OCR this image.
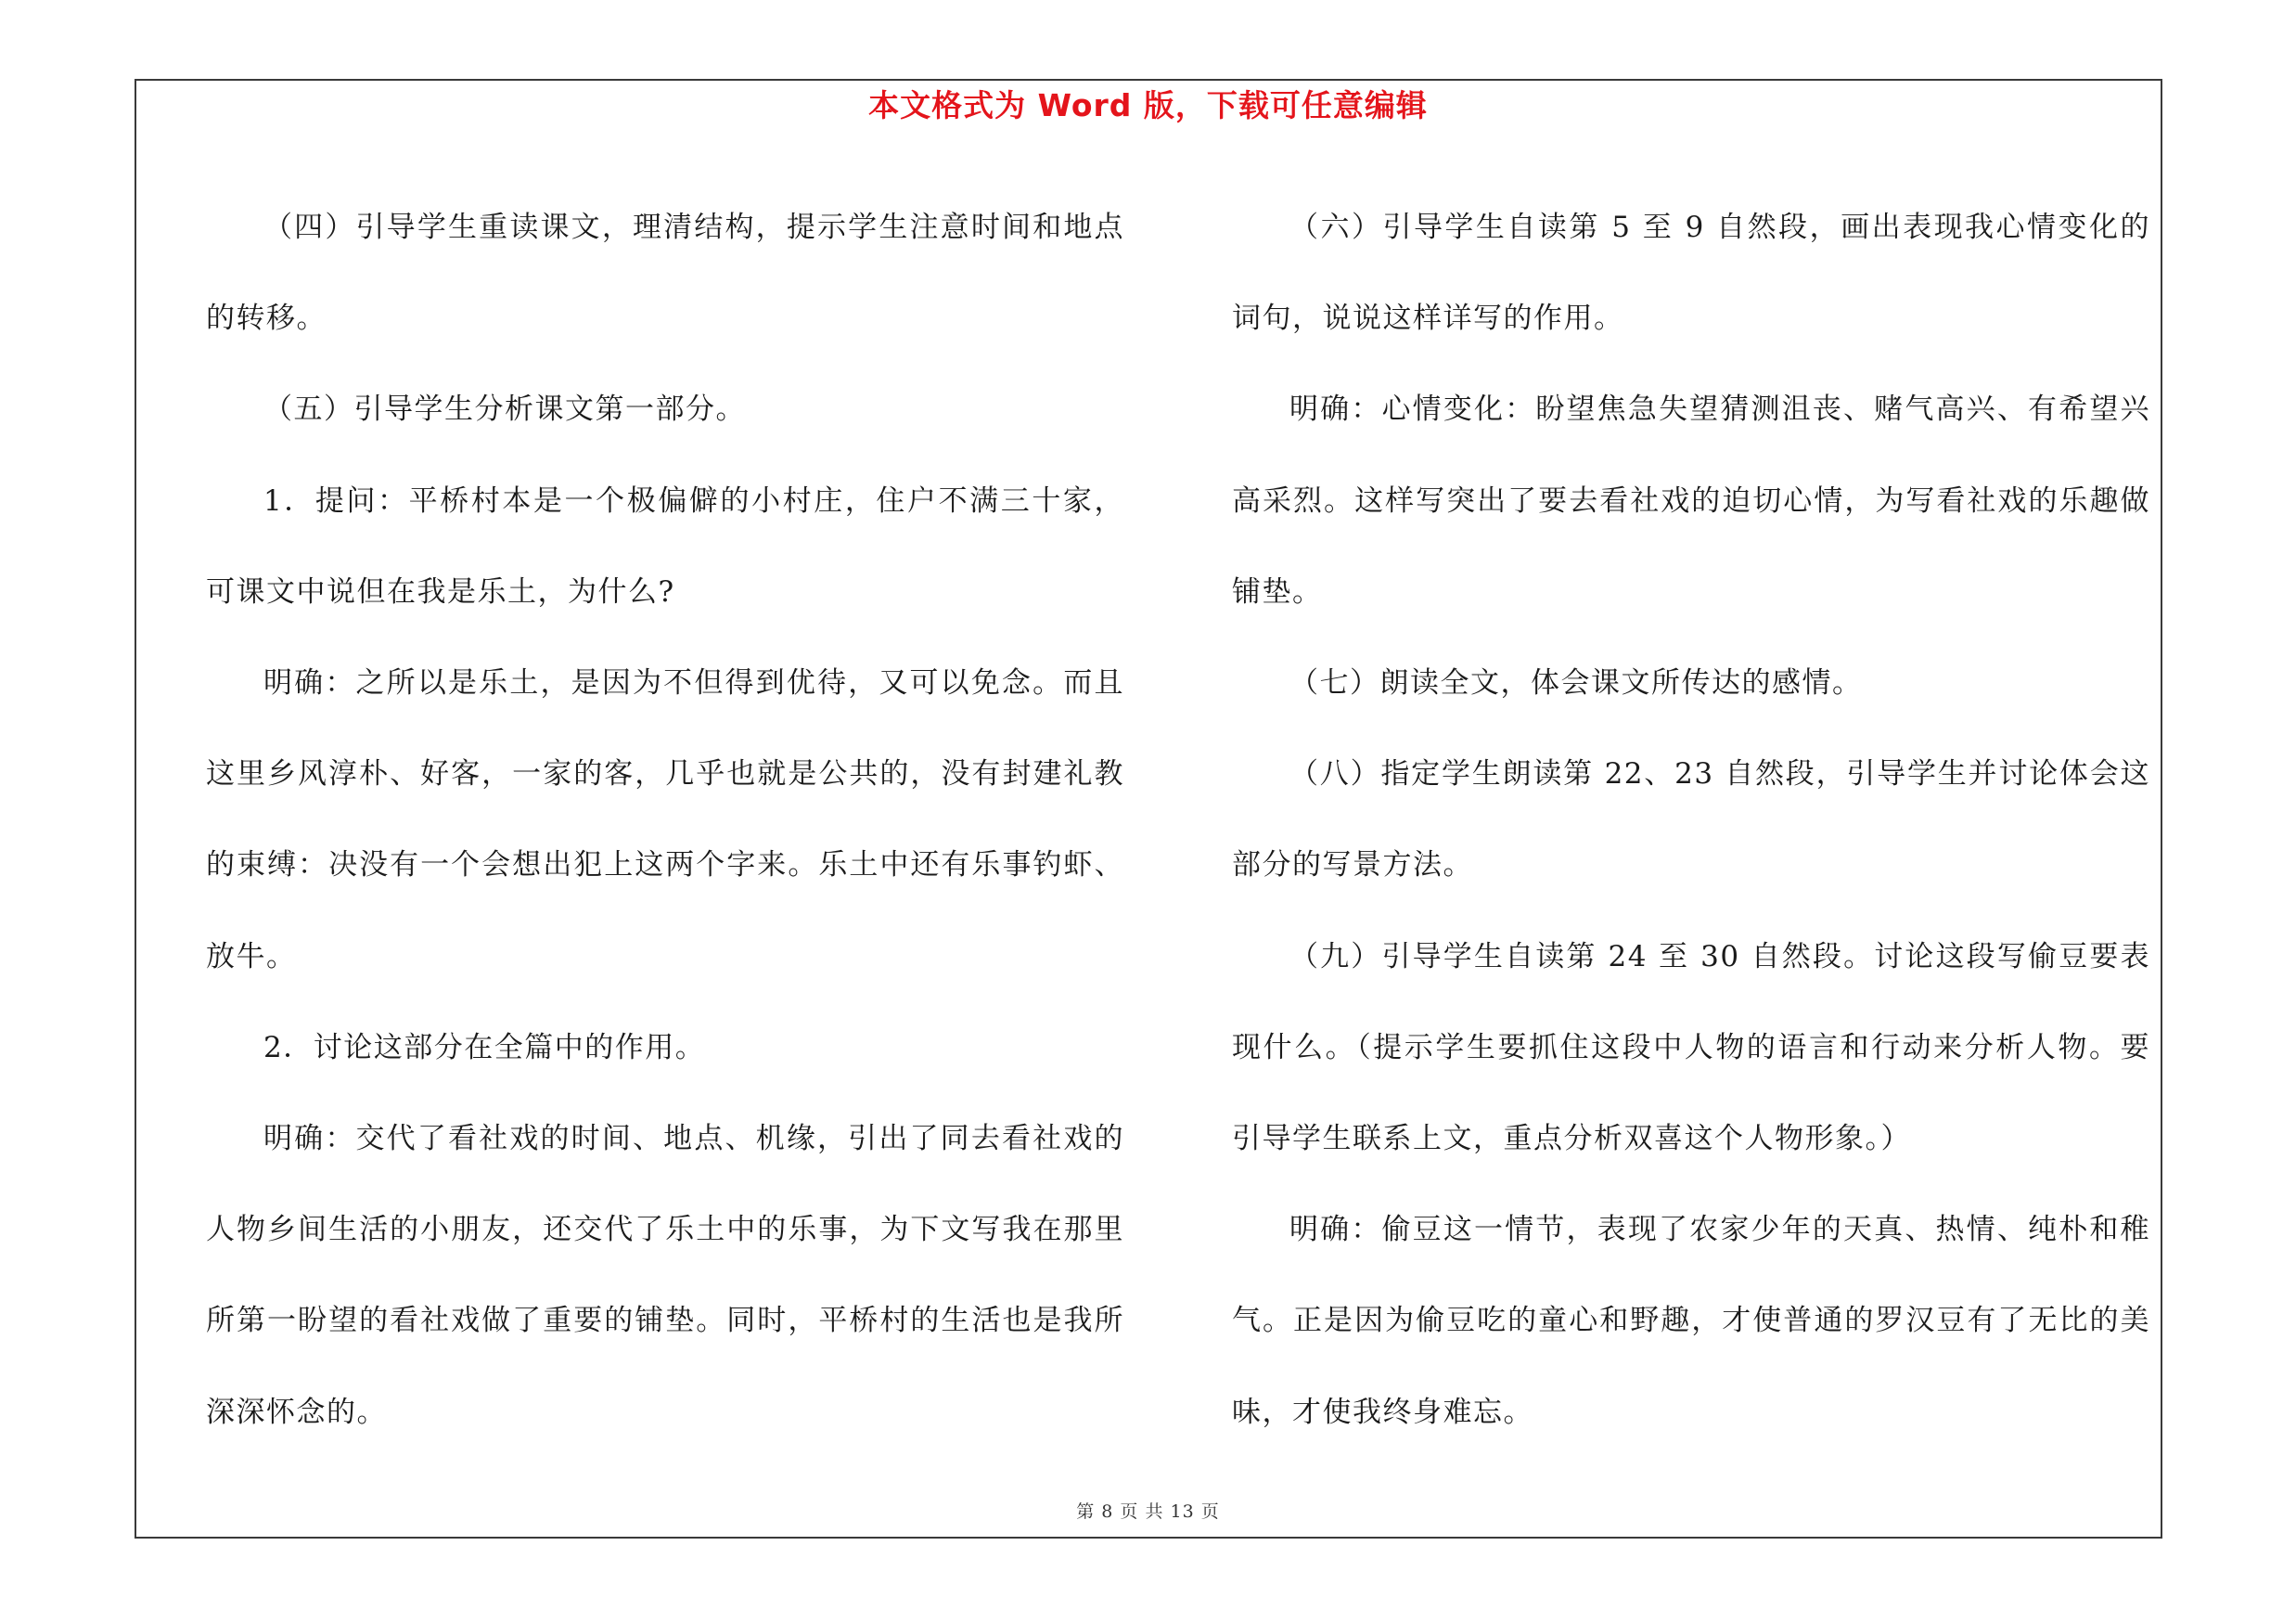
本文格式为 Word 版，下载可任意编辑

（四）引导学生重读课文，理清结构，提示学生注意时间和地点的转移。

（五）引导学生分析课文第一部分。

1．提问：平桥村本是一个极偏僻的小村庄，住户不满三十家，可课文中说但在我是乐土，为什么?

明确：之所以是乐土，是因为不但得到优待，又可以免念。而且这里乡风淳朴、好客，一家的客，几乎也就是公共的，没有封建礼教的束缚：决没有一个会想出犯上这两个字来。乐土中还有乐事钓虾、放牛。

2．讨论这部分在全篇中的作用。

明确：交代了看社戏的时间、地点、机缘，引出了同去看社戏的人物乡间生活的小朋友，还交代了乐土中的乐事，为下文写我在那里所第一盼望的看社戏做了重要的铺垫。同时，平桥村的生活也是我所深深怀念的。

（六）引导学生自读第 5 至 9 自然段，画出表现我心情变化的词句，说说这样详写的作用。

明确：心情变化：盼望焦急失望猜测沮丧、赌气高兴、有希望兴高采烈。这样写突出了要去看社戏的迫切心情，为写看社戏的乐趣做铺垫。

（七）朗读全文，体会课文所传达的感情。

（八）指定学生朗读第 22、23 自然段，引导学生并讨论体会这部分的写景方法。

（九）引导学生自读第 24 至 30 自然段。讨论这段写偷豆要表现什么。（提示学生要抓住这段中人物的语言和行动来分析人物。要引导学生联系上文，重点分析双喜这个人物形象。）

明确：偷豆这一情节，表现了农家少年的天真、热情、纯朴和稚气。正是因为偷豆吃的童心和野趣，才使普通的罗汉豆有了无比的美味，才使我终身难忘。

第 8 页 共 13 页
